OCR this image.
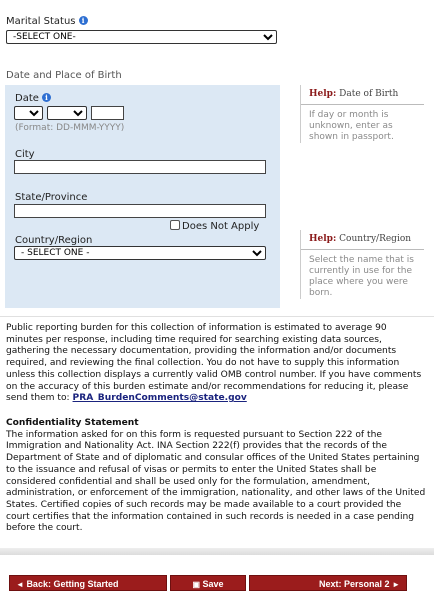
Marital Status i
-SELECT ONE-
Date and Place of Birth
Date i
(Format: DD-MMM-YYYY)
City
State/Province
Does Not Apply
Country/Region
- SELECT ONE -
Help: Date of Birth
If day or month is unknown, enter as shown in passport.
Help: Country/Region
Select the name that is currently in use for the place where you were born.
Public reporting burden for this collection of information is estimated to average 90 minutes per response, including time required for searching existing data sources, gathering the necessary documentation, providing the information and/or documents required, and reviewing the final collection. You do not have to supply this information unless this collection displays a currently valid OMB control number. If you have comments on the accuracy of this burden estimate and/or recommendations for reducing it, please send them to: PRA_BurdenComments@state.gov
Confidentiality Statement
The information asked for on this form is requested pursuant to Section 222 of the Immigration and Nationality Act. INA Section 222(f) provides that the records of the Department of State and of diplomatic and consular offices of the United States pertaining to the issuance and refusal of visas or permits to enter the United States shall be considered confidential and shall be used only for the formulation, amendment, administration, or enforcement of the immigration, nationality, and other laws of the United States. Certified copies of such records may be made available to a court provided the court certifies that the information contained in such records is needed in a case pending before the court.
◄ Back: Getting Started	▣ Save	Next: Personal 2 ►
